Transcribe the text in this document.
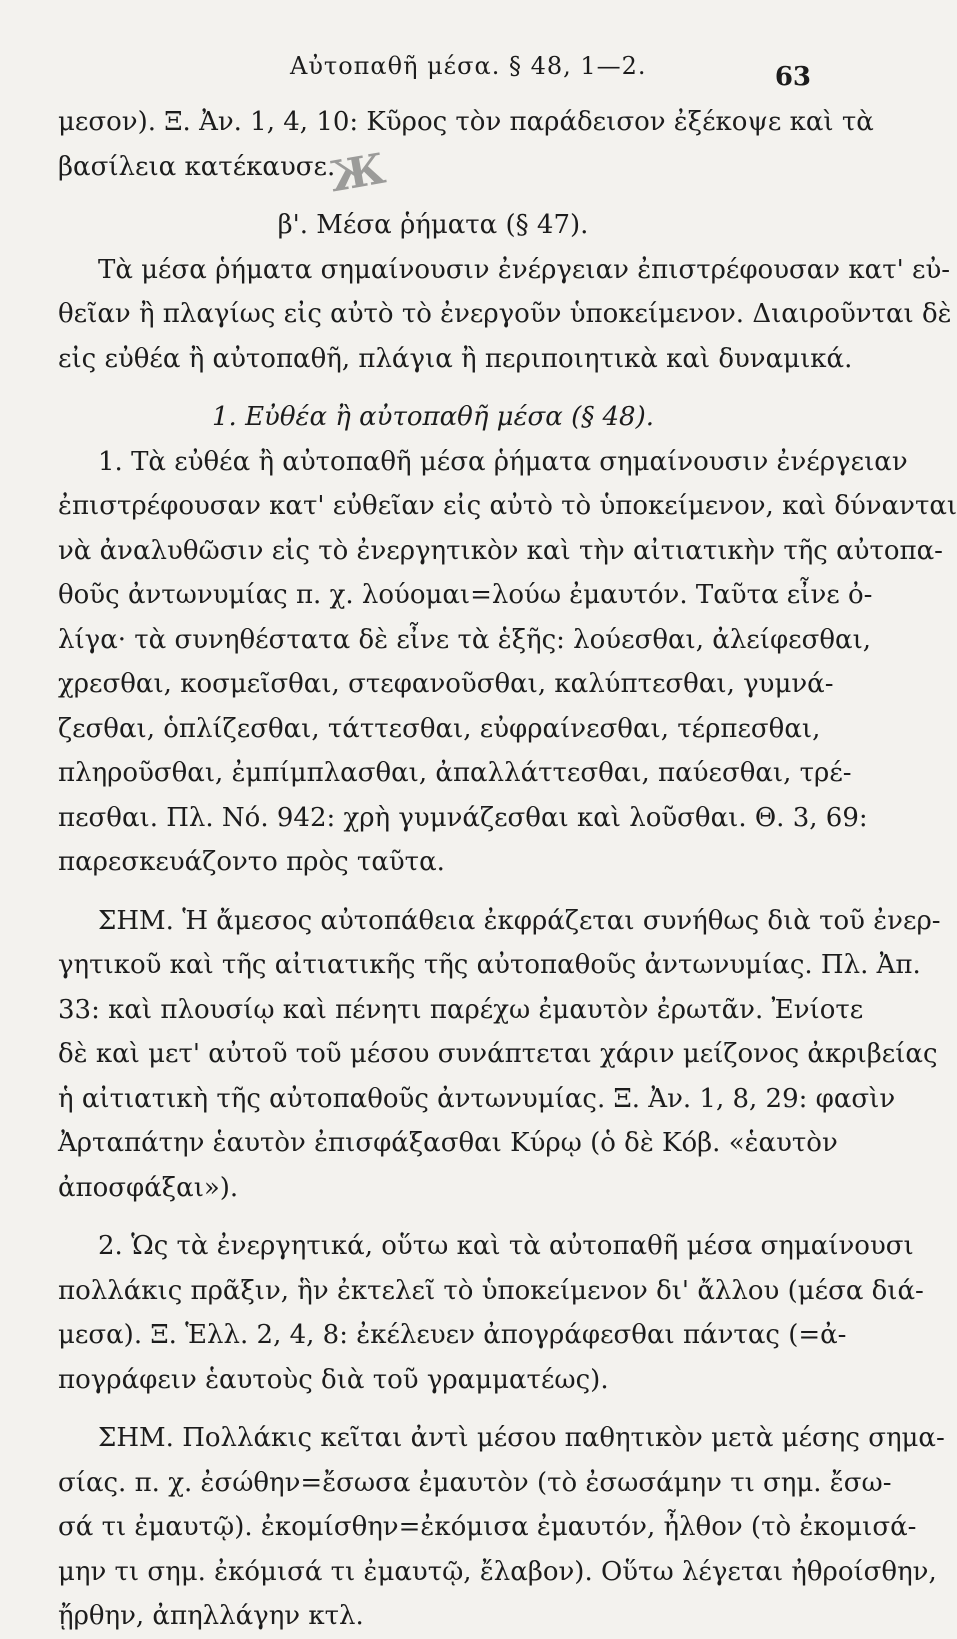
Αὐτοπαθῆ μέσα. § 48, 1—2.	63
Ж
μεσον). Ξ. Ἀν. 1, 4, 10: Κῦρος τὸν παράδεισον ἐξέκοψε καὶ τὰ
βασίλεια κατέκαυσε.
β'. Μέσα ῥήματα (§ 47).
Τὰ μέσα ῥήματα σημαίνουσιν ἐνέργειαν ἐπιστρέφουσαν κατ' εὐ-
θεῖαν ἢ πλαγίως εἰς αὐτὸ τὸ ἐνεργοῦν ὑποκείμενον. Διαιροῦνται δὲ
εἰς εὐθέα ἢ αὐτοπαθῆ, πλάγια ἢ περιποιητικὰ καὶ δυναμικά.
1. Εὐθέα ἢ αὐτοπαθῆ μέσα (§ 48).
1. Τὰ εὐθέα ἢ αὐτοπαθῆ μέσα ῥήματα σημαίνουσιν ἐνέργειαν
ἐπιστρέφουσαν κατ' εὐθεῖαν εἰς αὐτὸ τὸ ὑποκείμενον, καὶ δύνανται
νὰ ἀναλυθῶσιν εἰς τὸ ἐνεργητικὸν καὶ τὴν αἰτιατικὴν τῆς αὐτοπα-
θοῦς ἀντωνυμίας π. χ. λούομαι=λούω ἐμαυτόν. Ταῦτα εἶνε ὀ-
λίγα· τὰ συνηθέστατα δὲ εἶνε τὰ ἑξῆς: λούεσθαι, ἀλείφεσθαι,
χρεσθαι, κοσμεῖσθαι, στεφανοῦσθαι, καλύπτεσθαι, γυμνά-
ζεσθαι, ὁπλίζεσθαι, τάττεσθαι, εὐφραίνεσθαι, τέρπεσθαι,
πληροῦσθαι, ἐμπίμπλασθαι, ἀπαλλάττεσθαι, παύεσθαι, τρέ-
πεσθαι. Πλ. Νό. 942: χρὴ γυμνάζεσθαι καὶ λοῦσθαι. Θ. 3, 69:
παρεσκευάζοντο πρὸς ταῦτα.
ΣΗΜ. Ἡ ἄμεσος αὐτοπάθεια ἐκφράζεται συνήθως διὰ τοῦ ἐνερ-
γητικοῦ καὶ τῆς αἰτιατικῆς τῆς αὐτοπαθοῦς ἀντωνυμίας. Πλ. Ἀπ.
33: καὶ πλουσίῳ καὶ πένητι παρέχω ἐμαυτὸν ἐρωτᾶν. Ἐνίοτε
δὲ καὶ μετ' αὐτοῦ τοῦ μέσου συνάπτεται χάριν μείζονος ἀκριβείας
ἡ αἰτιατικὴ τῆς αὐτοπαθοῦς ἀντωνυμίας. Ξ. Ἀν. 1, 8, 29: φασὶν
Ἀρταπάτην ἑαυτὸν ἐπισφάξασθαι Κύρῳ (ὁ δὲ Κόβ. «ἑαυτὸν
ἀποσφάξαι»).
2. Ὡς τὰ ἐνεργητικά, οὕτω καὶ τὰ αὐτοπαθῆ μέσα σημαίνουσι
πολλάκις πρᾶξιν, ἣν ἐκτελεῖ τὸ ὑποκείμενον δι' ἄλλου (μέσα διά-
μεσα). Ξ. Ἑλλ. 2, 4, 8: ἐκέλευεν ἀπογράφεσθαι πάντας (=ἀ-
πογράφειν ἑαυτοὺς διὰ τοῦ γραμματέως).
ΣΗΜ. Πολλάκις κεῖται ἀντὶ μέσου παθητικὸν μετὰ μέσης σημα-
σίας. π. χ. ἐσώθην=ἔσωσα ἐμαυτὸν (τὸ ἐσωσάμην τι σημ. ἔσω-
σά τι ἐμαυτῷ). ἐκομίσθην=ἐκόμισα ἐμαυτόν, ἦλθον (τὸ ἐκομισά-
μην τι σημ. ἐκόμισά τι ἐμαυτῷ, ἔλαβον). Οὕτω λέγεται ἠθροίσθην,
ᾔρθην, ἀπηλλάγην κτλ.
